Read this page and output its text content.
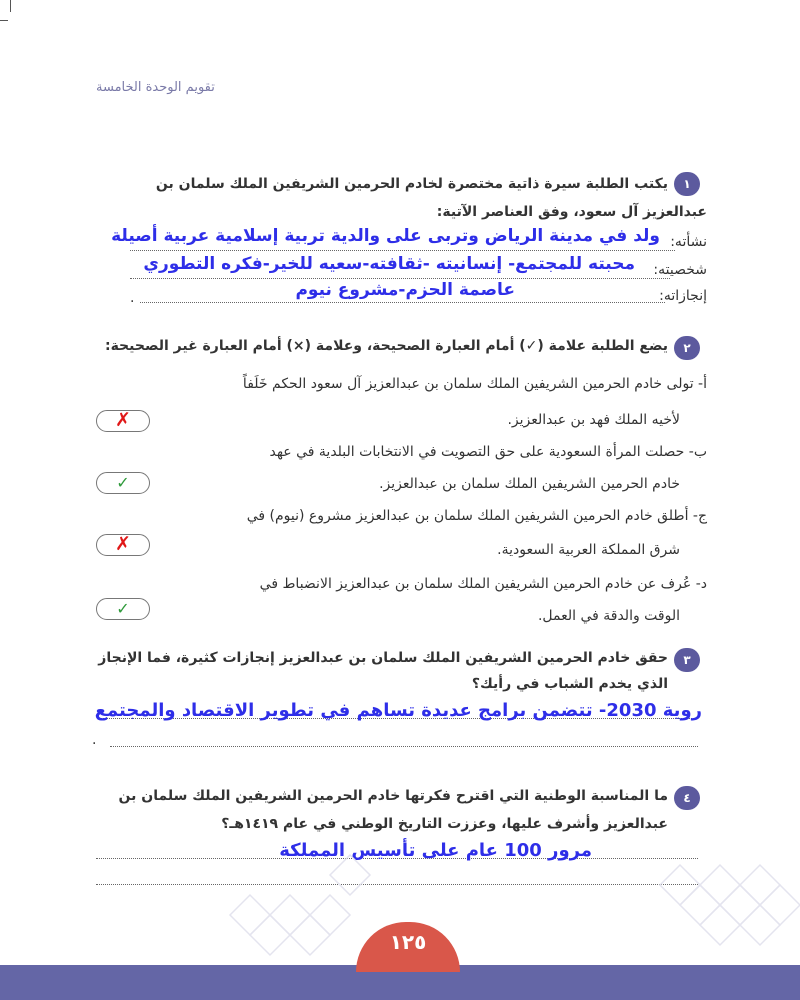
تقويم الوحدة الخامسة
١
يكتب الطلبة سيرة ذاتية مختصرة لخادم الحرمين الشريفين الملك سلمان بن
عبدالعزيز آل سعود، وفق العناصر الآتية:
نشأته:
ولد في مدينة الرياض وتربى على والدية تربية إسلامية عربية أصيلة
شخصيته:
محبته للمجتمع- إنسانيته -ثقافته-سعيه للخير-فكره التطوري
إنجازاته:
.	عاصمة الحزم-مشروع نيوم
٢
يضع الطلبة علامة (✓) أمام العبارة الصحيحة، وعلامة (×) أمام العبارة غير الصحيحة:
أ- تولى خادم الحرمين الشريفين الملك سلمان بن عبدالعزيز آل سعود الحكم خَلَفاً
لأخيه الملك فهد بن عبدالعزيز.
✗
ب- حصلت المرأة السعودية على حق التصويت في الانتخابات البلدية في عهد
خادم الحرمين الشريفين الملك سلمان بن عبدالعزيز.
✓
ج- أطلق خادم الحرمين الشريفين الملك سلمان بن عبدالعزيز مشروع (نيوم) في
شرق المملكة العربية السعودية.
✗
د- عُرف عن خادم الحرمين الشريفين الملك سلمان بن عبدالعزيز الانضباط في
الوقت والدقة في العمل.
✓
٣
حقق خادم الحرمين الشريفين الملك سلمان بن عبدالعزيز إنجازات كثيرة، فما الإنجاز
الذي يخدم الشباب في رأيك؟
روية 2030- تتضمن برامج عديدة تساهم في تطوير الاقتصاد والمجتمع
.
٤
ما المناسبة الوطنية التي اقترح فكرتها خادم الحرمين الشريفين الملك سلمان بن
عبدالعزيز وأشرف عليها، وعززت التاريخ الوطني في عام ١٤١٩هـ؟
مرور 100 عام على تأسيس المملكة
١٢٥
